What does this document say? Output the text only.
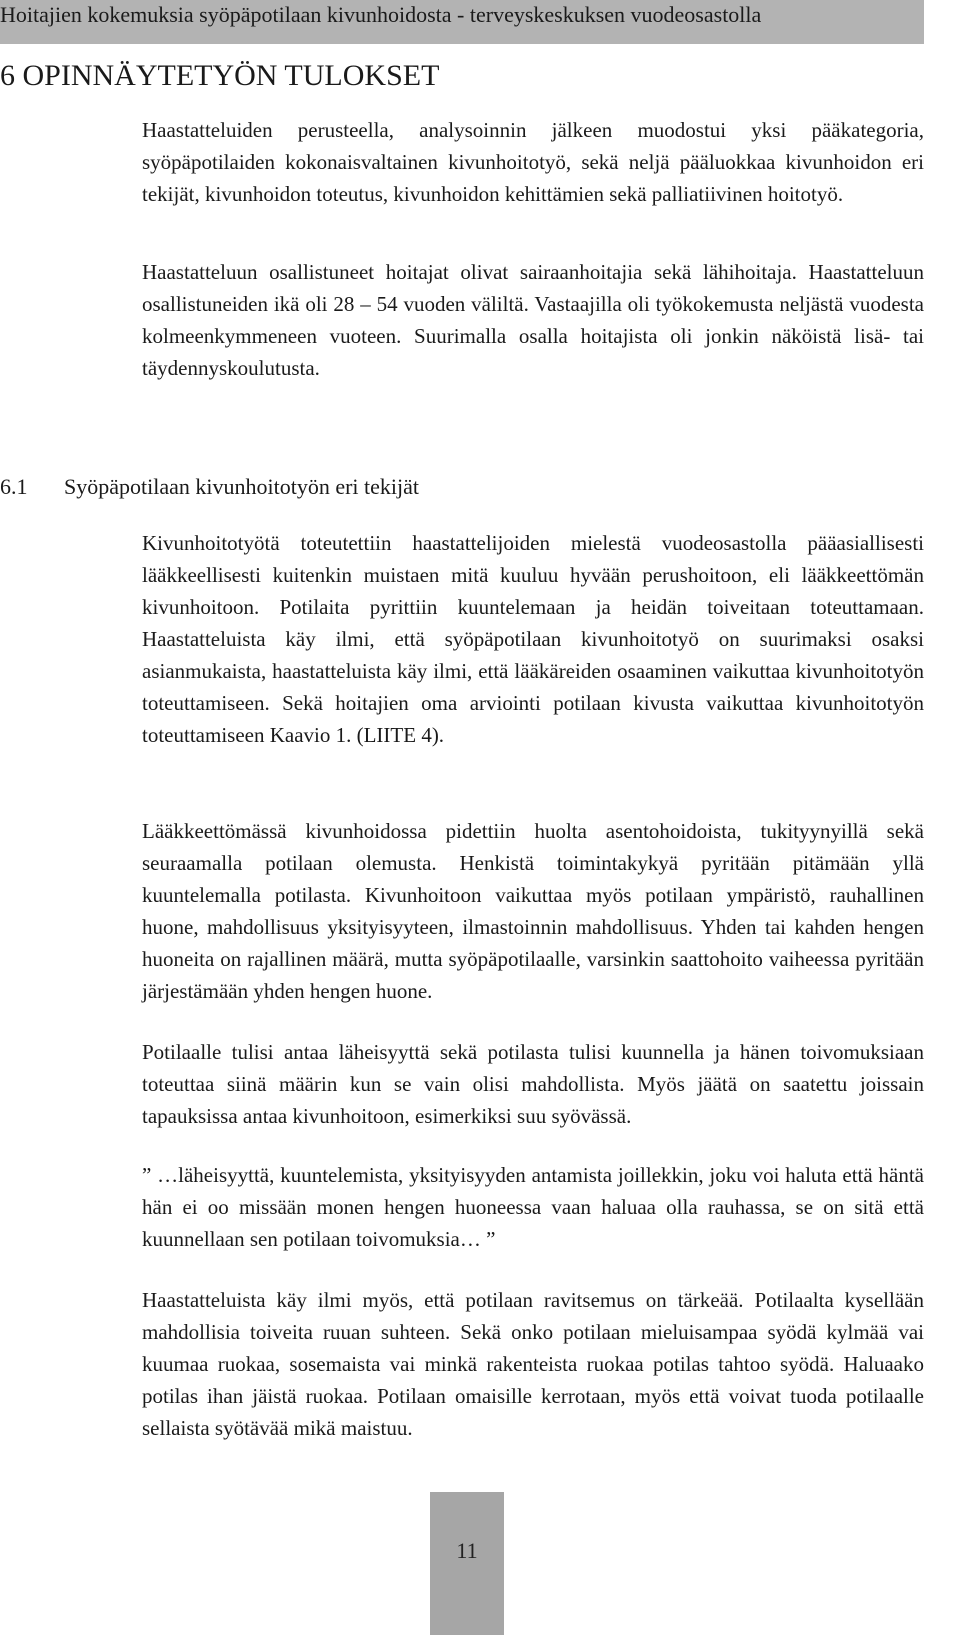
Hoitajien kokemuksia syöpäpotilaan kivunhoidosta - terveyskeskuksen vuodeosastolla
6 OPINNÄYTETYÖN TULOKSET

Haastatteluiden perusteella, analysoinnin jälkeen muodostui yksi pääkategoria, syöpäpotilaiden kokonaisvaltainen kivunhoitotyö, sekä neljä pääluokkaa kivunhoidon eri tekijät, kivunhoidon toteutus, kivunhoidon kehittämien sekä palliatiivinen hoitotyö.

Haastatteluun osallistuneet hoitajat olivat sairaanhoitajia sekä lähihoitaja. Haastatteluun osallistuneiden ikä oli 28 – 54 vuoden väliltä. Vastaajilla oli työkokemusta neljästä vuodesta kolmeenkymmeneen vuoteen. Suurimalla osalla hoitajista oli jonkin näköistä lisä- tai täydennyskoulutusta.

6.1 Syöpäpotilaan kivunhoitotyön eri tekijät

Kivunhoitotyötä toteutettiin haastattelijoiden mielestä vuodeosastolla pääasiallisesti lääkkeellisesti kuitenkin muistaen mitä kuuluu hyvään perushoitoon, eli lääkkeettömän kivunhoitoon. Potilaita pyrittiin kuuntelemaan ja heidän toiveitaan toteuttamaan. Haastatteluista käy ilmi, että syöpäpotilaan kivunhoitotyö on suurimaksi osaksi asianmukaista, haastatteluista käy ilmi, että lääkäreiden osaaminen vaikuttaa kivunhoitotyön toteuttamiseen. Sekä hoitajien oma arviointi potilaan kivusta vaikuttaa kivunhoitotyön toteuttamiseen Kaavio 1. (LIITE 4).

Lääkkeettömässä kivunhoidossa pidettiin huolta asentohoidoista, tukityynyillä sekä seuraamalla potilaan olemusta. Henkistä toimintakykyä pyritään pitämään yllä kuuntelemalla potilasta. Kivunhoitoon vaikuttaa myös potilaan ympäristö, rauhallinen huone, mahdollisuus yksityisyyteen, ilmastoinnin mahdollisuus. Yhden tai kahden hengen huoneita on rajallinen määrä, mutta syöpäpotilaalle, varsinkin saattohoito vaiheessa pyritään järjestämään yhden hengen huone.

Potilaalle tulisi antaa läheisyyttä sekä potilasta tulisi kuunnella ja hänen toivomuksiaan toteuttaa siinä määrin kun se vain olisi mahdollista. Myös jäätä on saatettu joissain tapauksissa antaa kivunhoitoon, esimerkiksi suu syövässä.

” …läheisyyttä, kuuntelemista, yksityisyyden antamista joillekkin, joku voi haluta että häntä hän ei oo missään monen hengen huoneessa vaan haluaa olla rauhassa, se on sitä että kuunnellaan sen potilaan toivomuksia… ”

Haastatteluista käy ilmi myös, että potilaan ravitsemus on tärkeää. Potilaalta kysellään mahdollisia toiveita ruuan suhteen. Sekä onko potilaan mieluisampaa syödä kylmää vai kuumaa ruokaa, sosemaista vai minkä rakenteista ruokaa potilas tahtoo syödä. Haluaako potilas ihan jäistä ruokaa. Potilaan omaisille kerrotaan, myös että voivat tuoda potilaalle sellaista syötävää mikä maistuu.

11
